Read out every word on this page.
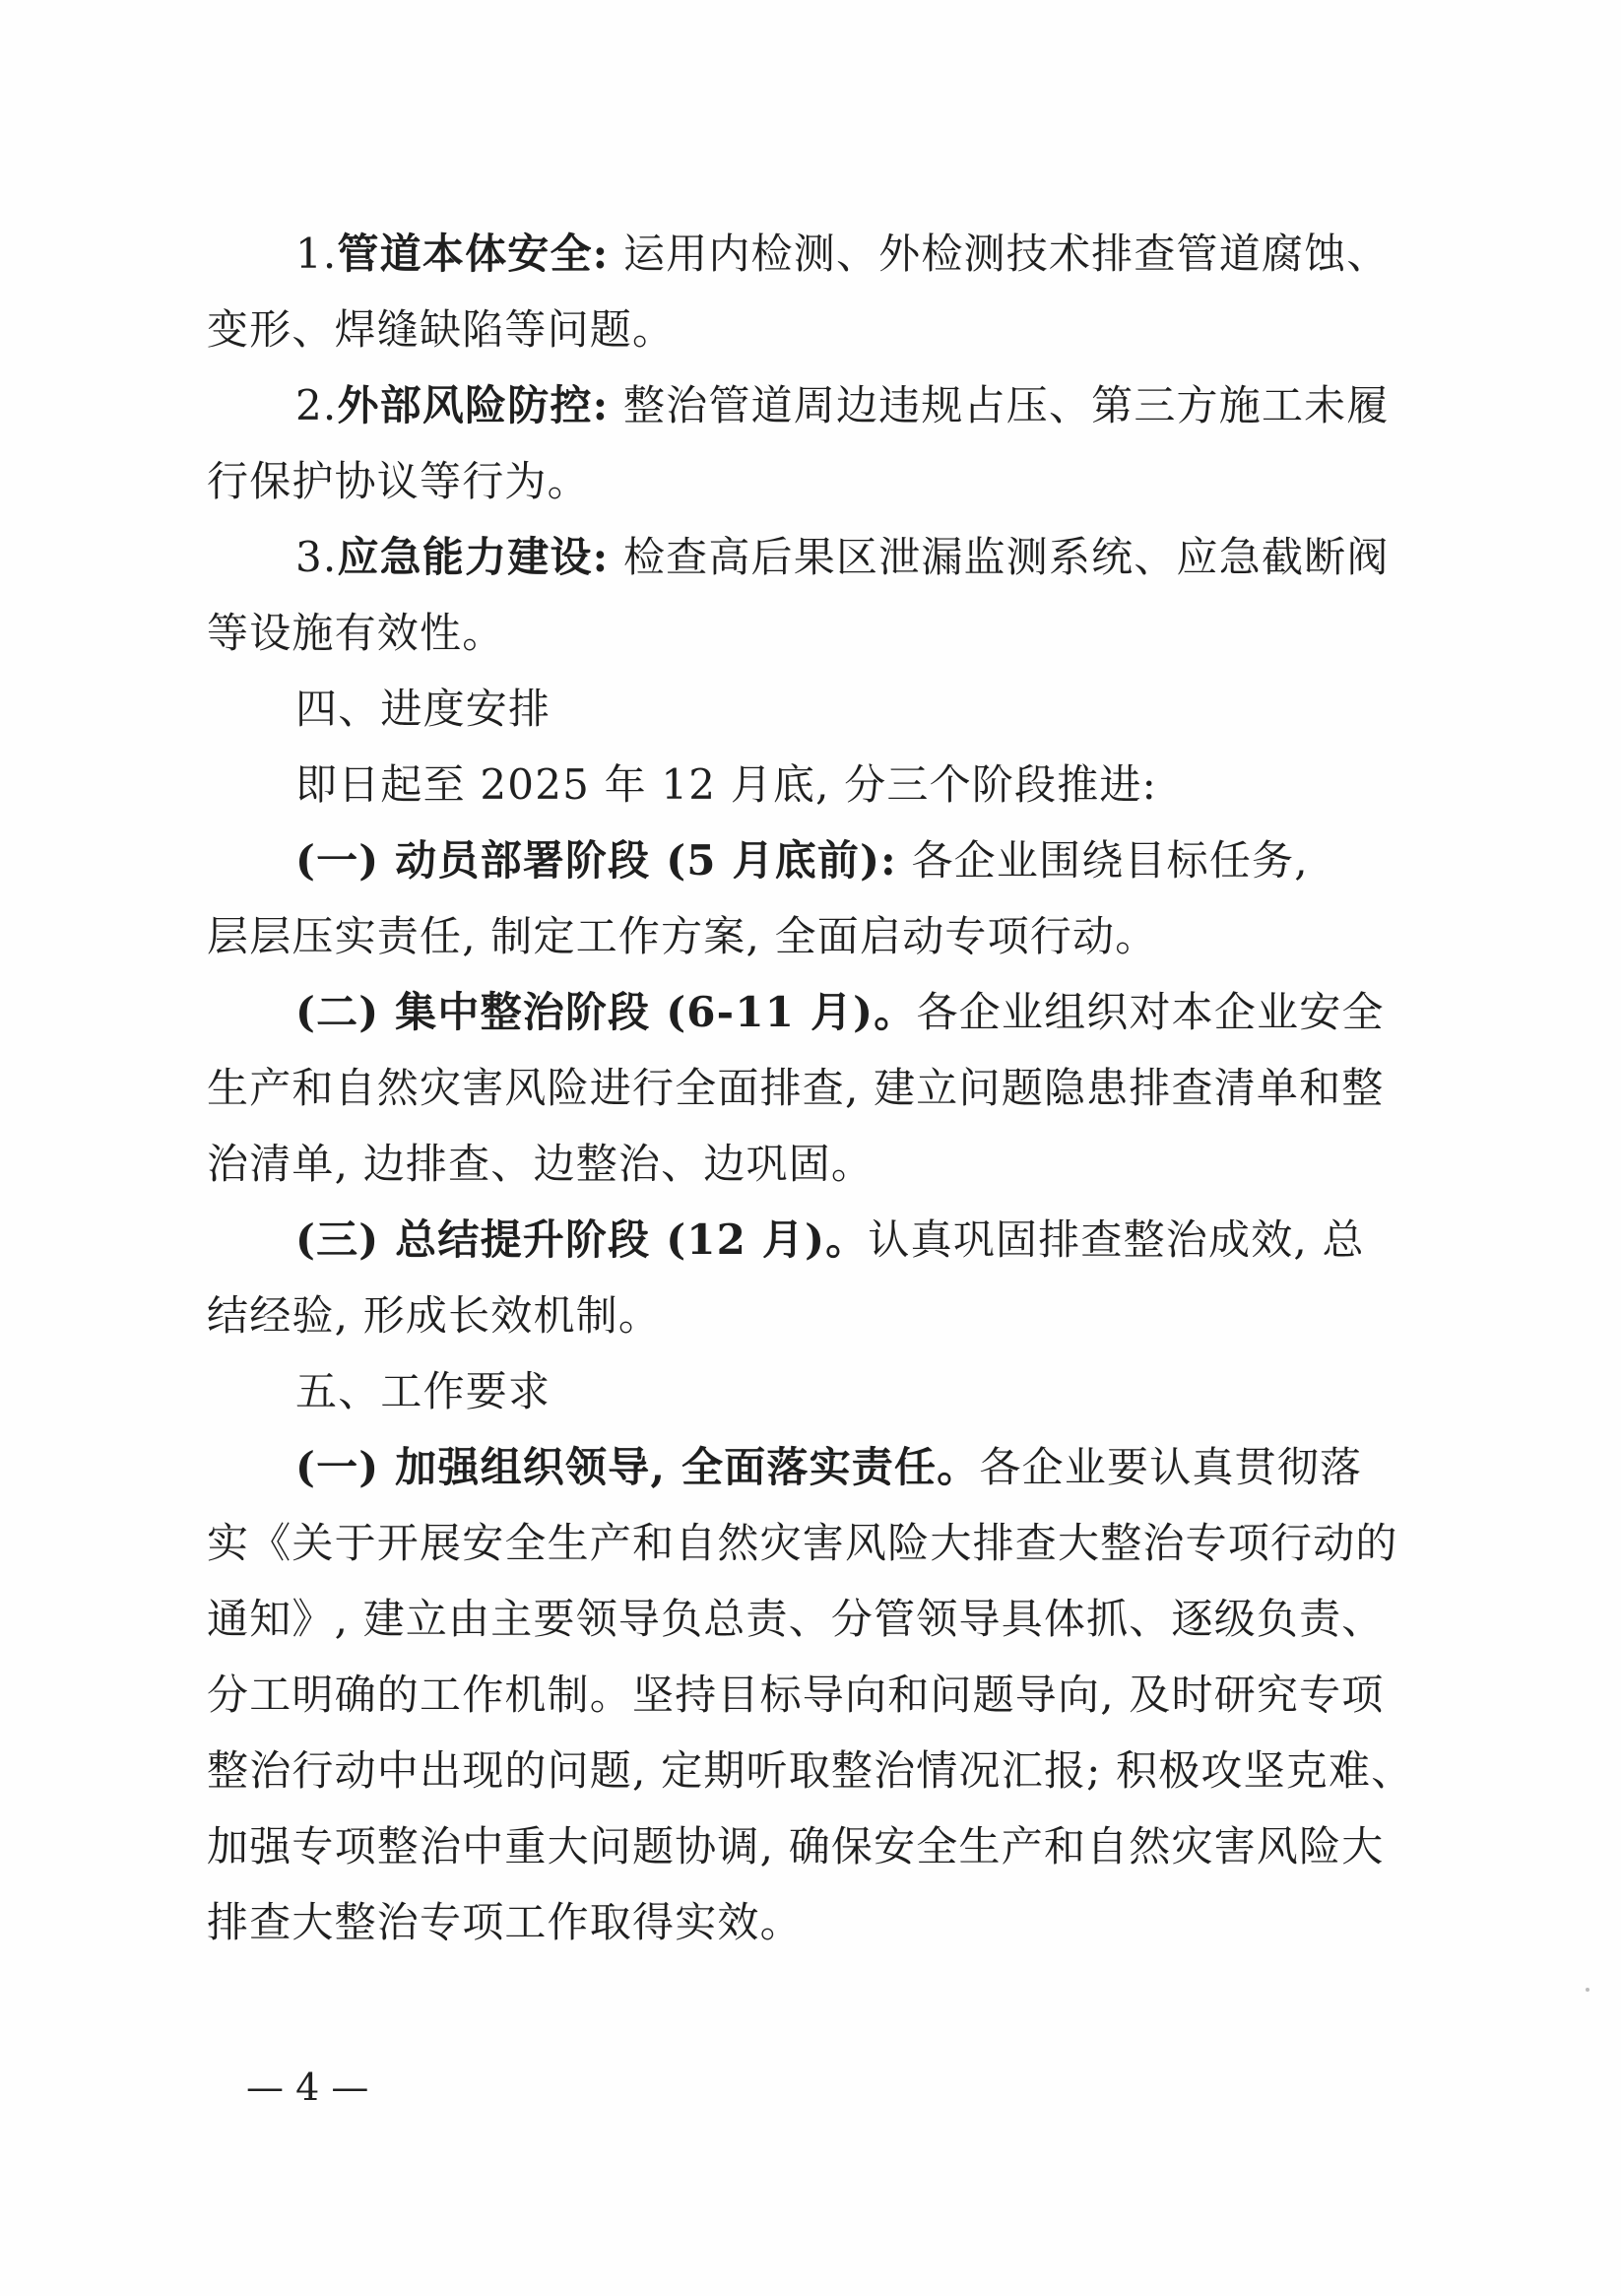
1.管道本体安全: 运用内检测、外检测技术排查管道腐蚀、
变形、焊缝缺陷等问题。
2.外部风险防控: 整治管道周边违规占压、第三方施工未履
行保护协议等行为。
3.应急能力建设: 检查高后果区泄漏监测系统、应急截断阀
等设施有效性。
四、进度安排
即日起至 2025 年 12 月底, 分三个阶段推进:
(一) 动员部署阶段 (5 月底前): 各企业围绕目标任务,
层层压实责任, 制定工作方案, 全面启动专项行动。
(二) 集中整治阶段 (6-11 月)。各企业组织对本企业安全
生产和自然灾害风险进行全面排查, 建立问题隐患排查清单和整
治清单, 边排查、边整治、边巩固。
(三) 总结提升阶段 (12 月)。认真巩固排查整治成效, 总
结经验, 形成长效机制。
五、工作要求
(一) 加强组织领导, 全面落实责任。各企业要认真贯彻落
实《关于开展安全生产和自然灾害风险大排查大整治专项行动的
通知》, 建立由主要领导负总责、分管领导具体抓、逐级负责、
分工明确的工作机制。坚持目标导向和问题导向, 及时研究专项
整治行动中出现的问题, 定期听取整治情况汇报; 积极攻坚克难、
加强专项整治中重大问题协调, 确保安全生产和自然灾害风险大
排查大整治专项工作取得实效。
— 4 —
